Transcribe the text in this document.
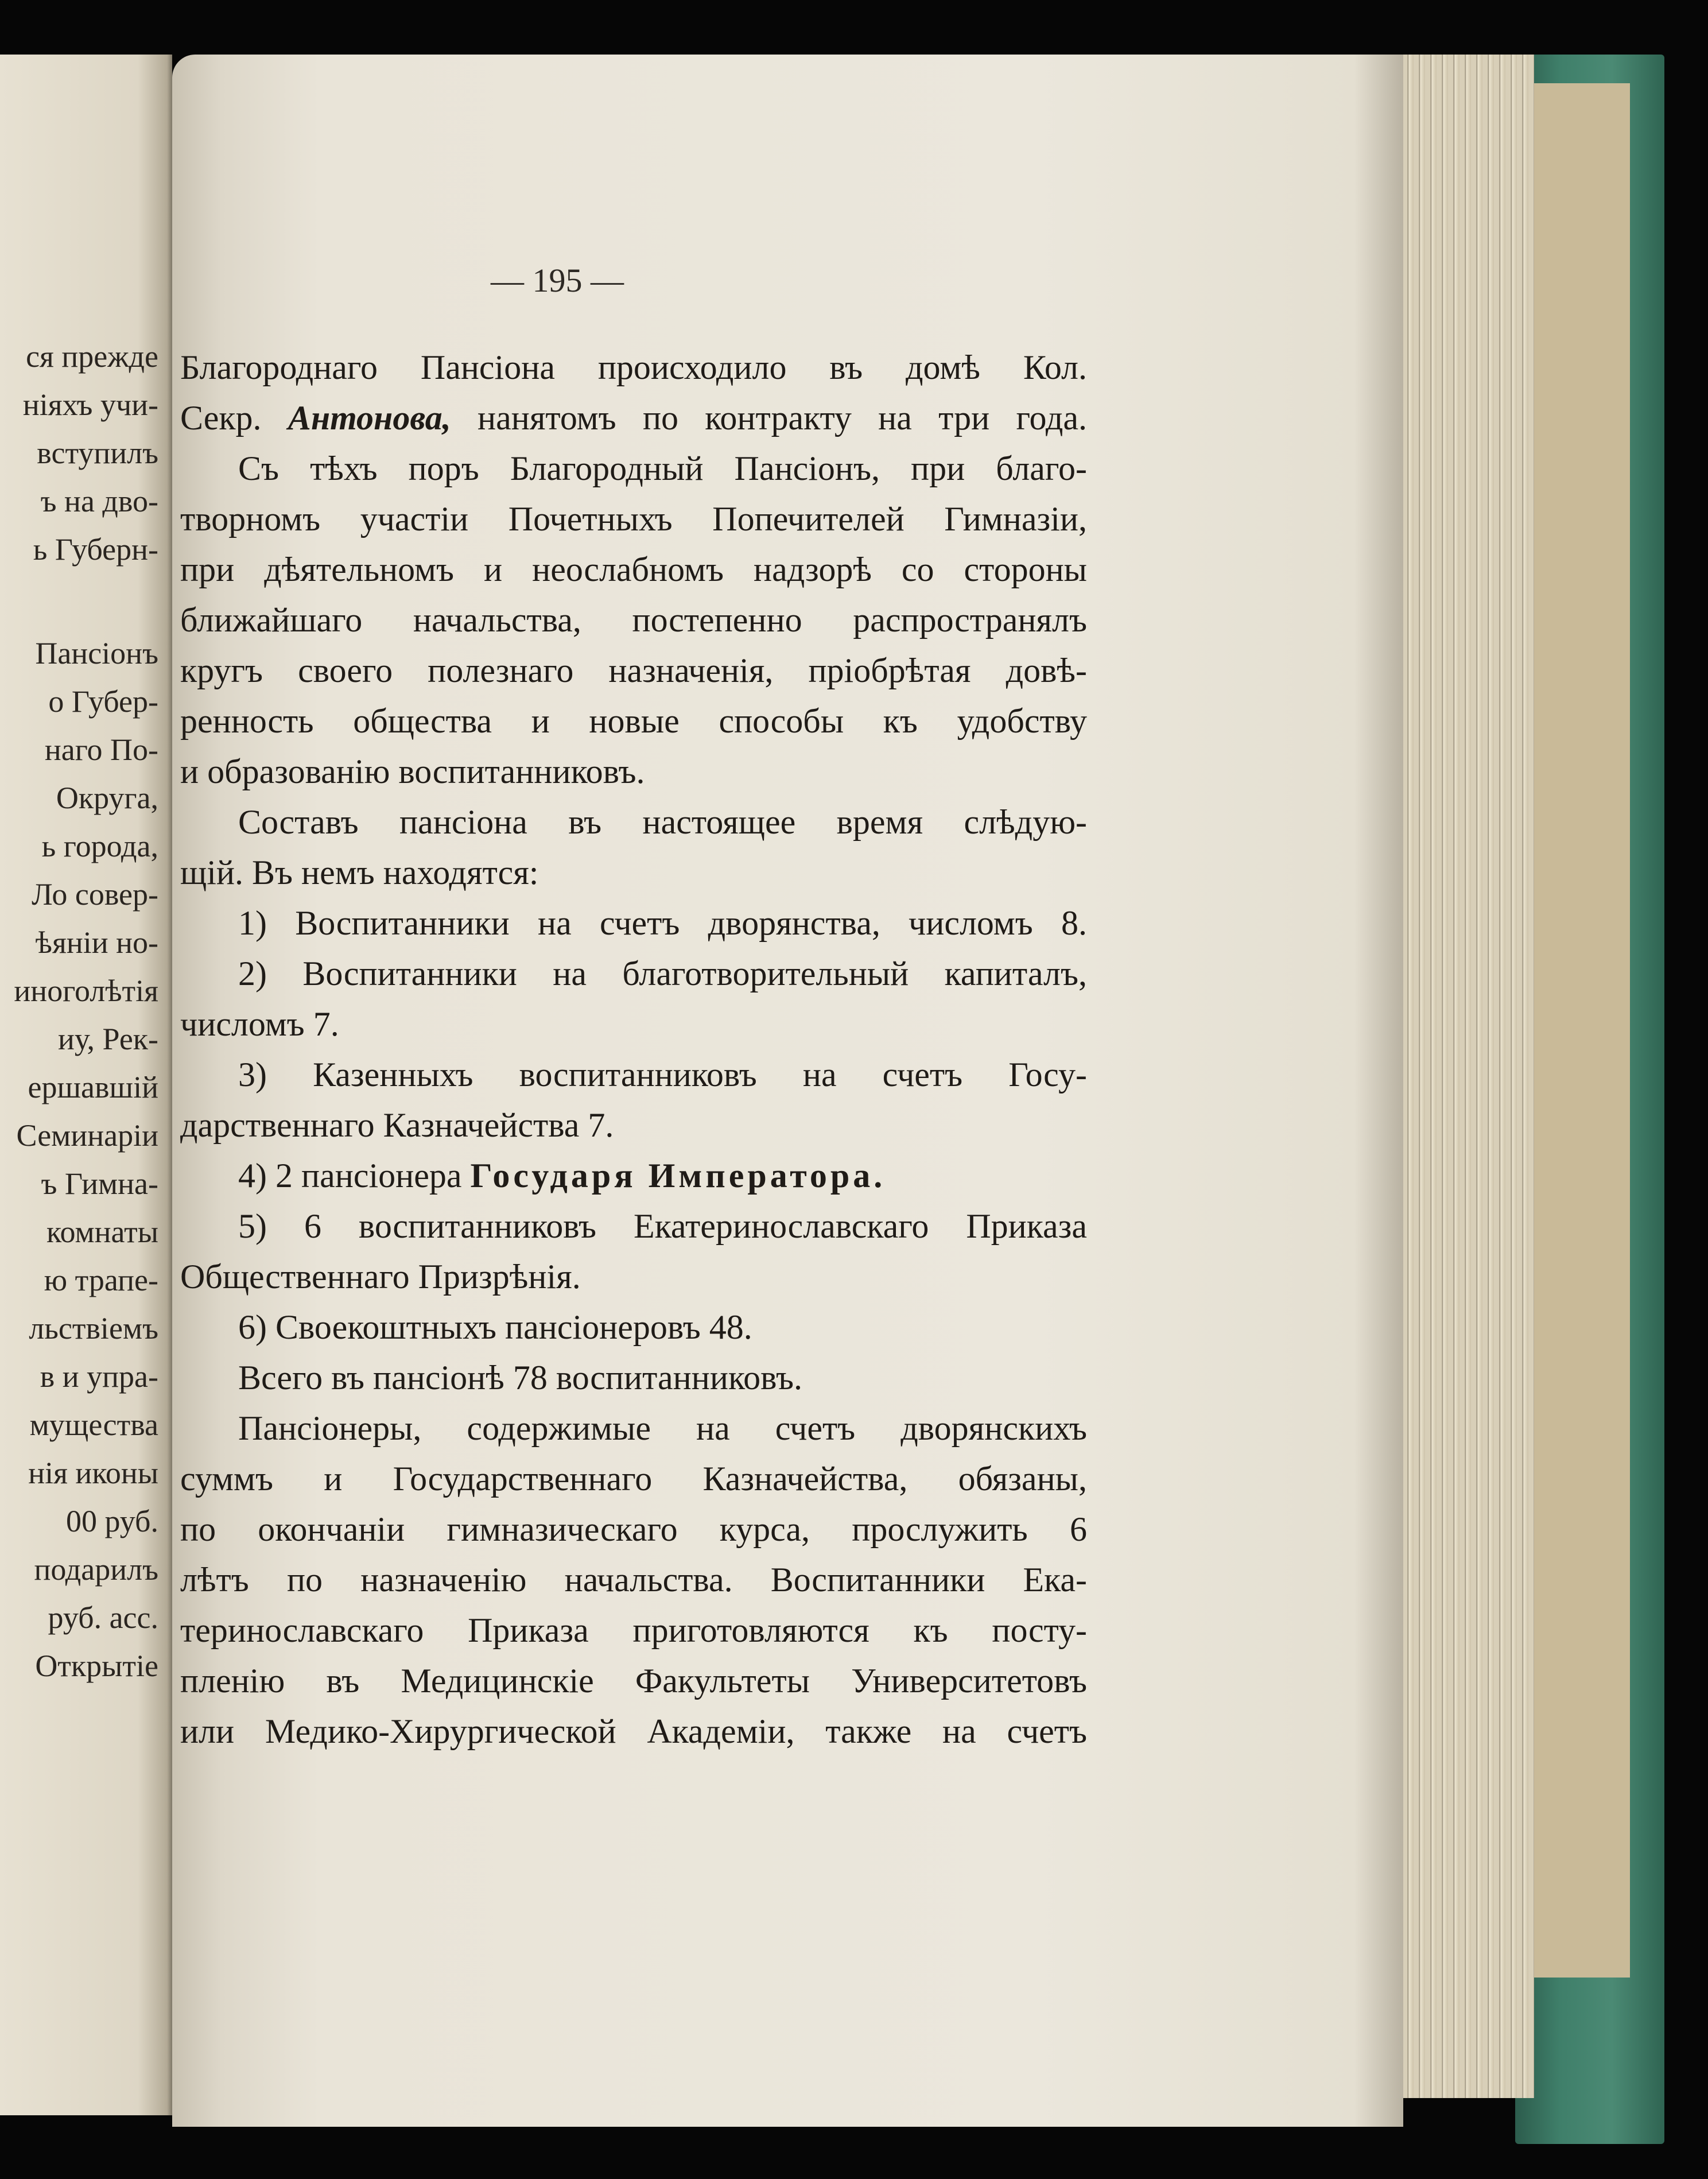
ся прежде
ніяхъ учи-
вступилъ
ъ на дво-
ь Губерн-
Пансіонъ
о Губер-
наго По-
Округа,
ь города,
Ло совер-
ѣяніи но-
иноголѣтія
иу, Рек-
ершавшій
Семинаріи
ъ Гимна-
комнаты
ю трапе-
льствіемъ
в и упра-
мущества
нія иконы
00 руб.
подарилъ
руб. асс.
Открытіе
— 195 —
Благороднаго Пансіона происходило въ домѣ Кол.
Секр. Антонова, нанятомъ по контракту на три года.
Съ тѣхъ поръ Благородный Пансіонъ, при благо-
творномъ участіи Почетныхъ Попечителей Гимназіи,
при дѣятельномъ и неослабномъ надзорѣ со стороны
ближайшаго начальства, постепенно распространялъ
кругъ своего полезнаго назначенія, пріобрѣтая довѣ-
ренность общества и новые способы къ удобству
и образованію воспитанниковъ.
Составъ пансіона въ настоящее время слѣдую-
щій. Въ немъ находятся:
1) Воспитанники на счетъ дворянства, числомъ 8.
2) Воспитанники на благотворительный капиталъ,
числомъ 7.
3) Казенныхъ воспитанниковъ на счетъ Госу-
дарственнаго Казначейства 7.
4) 2 пансіонера Государя Императора.
5) 6 воспитанниковъ Екатеринославскаго Приказа
Общественнаго Призрѣнія.
6) Своекоштныхъ пансіонеровъ 48.
Всего въ пансіонѣ 78 воспитанниковъ.
Пансіонеры, содержимые на счетъ дворянскихъ
суммъ и Государственнаго Казначейства, обязаны,
по окончаніи гимназическаго курса, прослужить 6
лѣтъ по назначенію начальства. Воспитанники Ека-
теринославскаго Приказа приготовляются къ посту-
пленію въ Медицинскіе Факультеты Университетовъ
или Медико-Хирургической Академіи, также на счетъ
